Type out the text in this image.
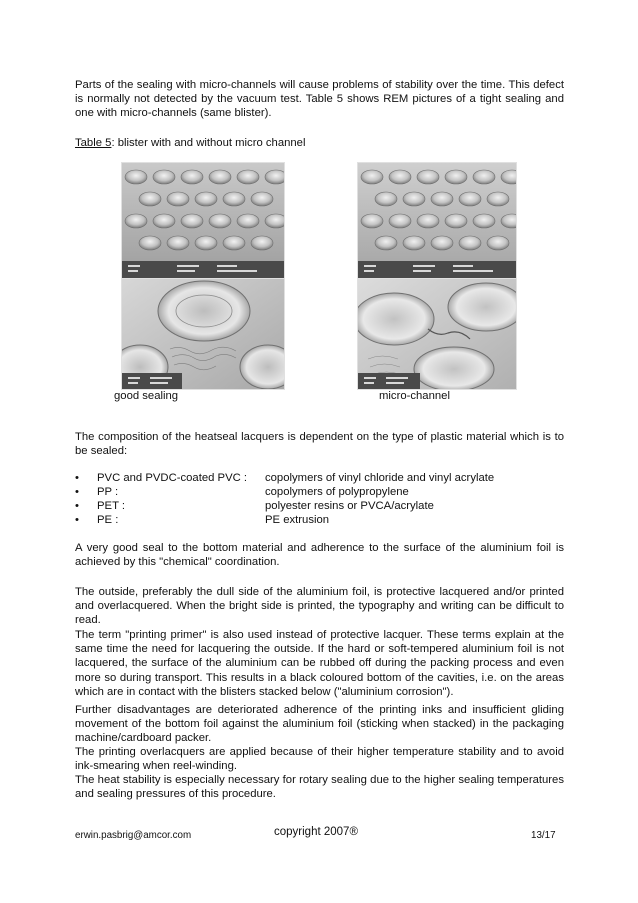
Parts of the sealing with micro-channels will cause problems of stability over the time. This defect is normally not detected by the vacuum test. Table 5 shows REM pictures of a tight sealing and one with micro-channels (same blister).

Table 5: blister with and without micro channel

good sealing	micro-channel

The composition of the heatseal lacquers is dependent on the type of plastic material which is to be sealed:

• PVC and PVDC-coated PVC : copolymers of vinyl chloride and vinyl acrylate
• PP :	copolymers of polypropylene
• PET :	polyester resins or PVCA/acrylate
• PE :	PE extrusion

A very good seal to the bottom material and adherence to the surface of the aluminium foil is achieved by this "chemical" coordination.

The outside, preferably the dull side of the aluminium foil, is protective lacquered and/or printed and overlacquered. When the bright side is printed, the typography and writing can be difficult to read.

The term "printing primer" is also used instead of protective lacquer. These terms explain at the same time the need for lacquering the outside. If the hard or soft-tempered aluminium foil is not lacquered, the surface of the aluminium can be rubbed off during the packing process and even more so during transport. This results in a black coloured bottom of the cavities, i.e. on the areas which are in contact with the blisters stacked below ("aluminium corrosion").

Further disadvantages are deteriorated adherence of the printing inks and insufficient gliding movement of the bottom foil against the aluminium foil (sticking when stacked) in the packaging machine/cardboard packer.

The printing overlacquers are applied because of their higher temperature stability and to avoid ink-smearing when reel-winding.

The heat stability is especially necessary for rotary sealing due to the higher sealing temperatures and sealing pressures of this procedure.

erwin.pasbrig@amcor.com	copyright 2007®	13/17
